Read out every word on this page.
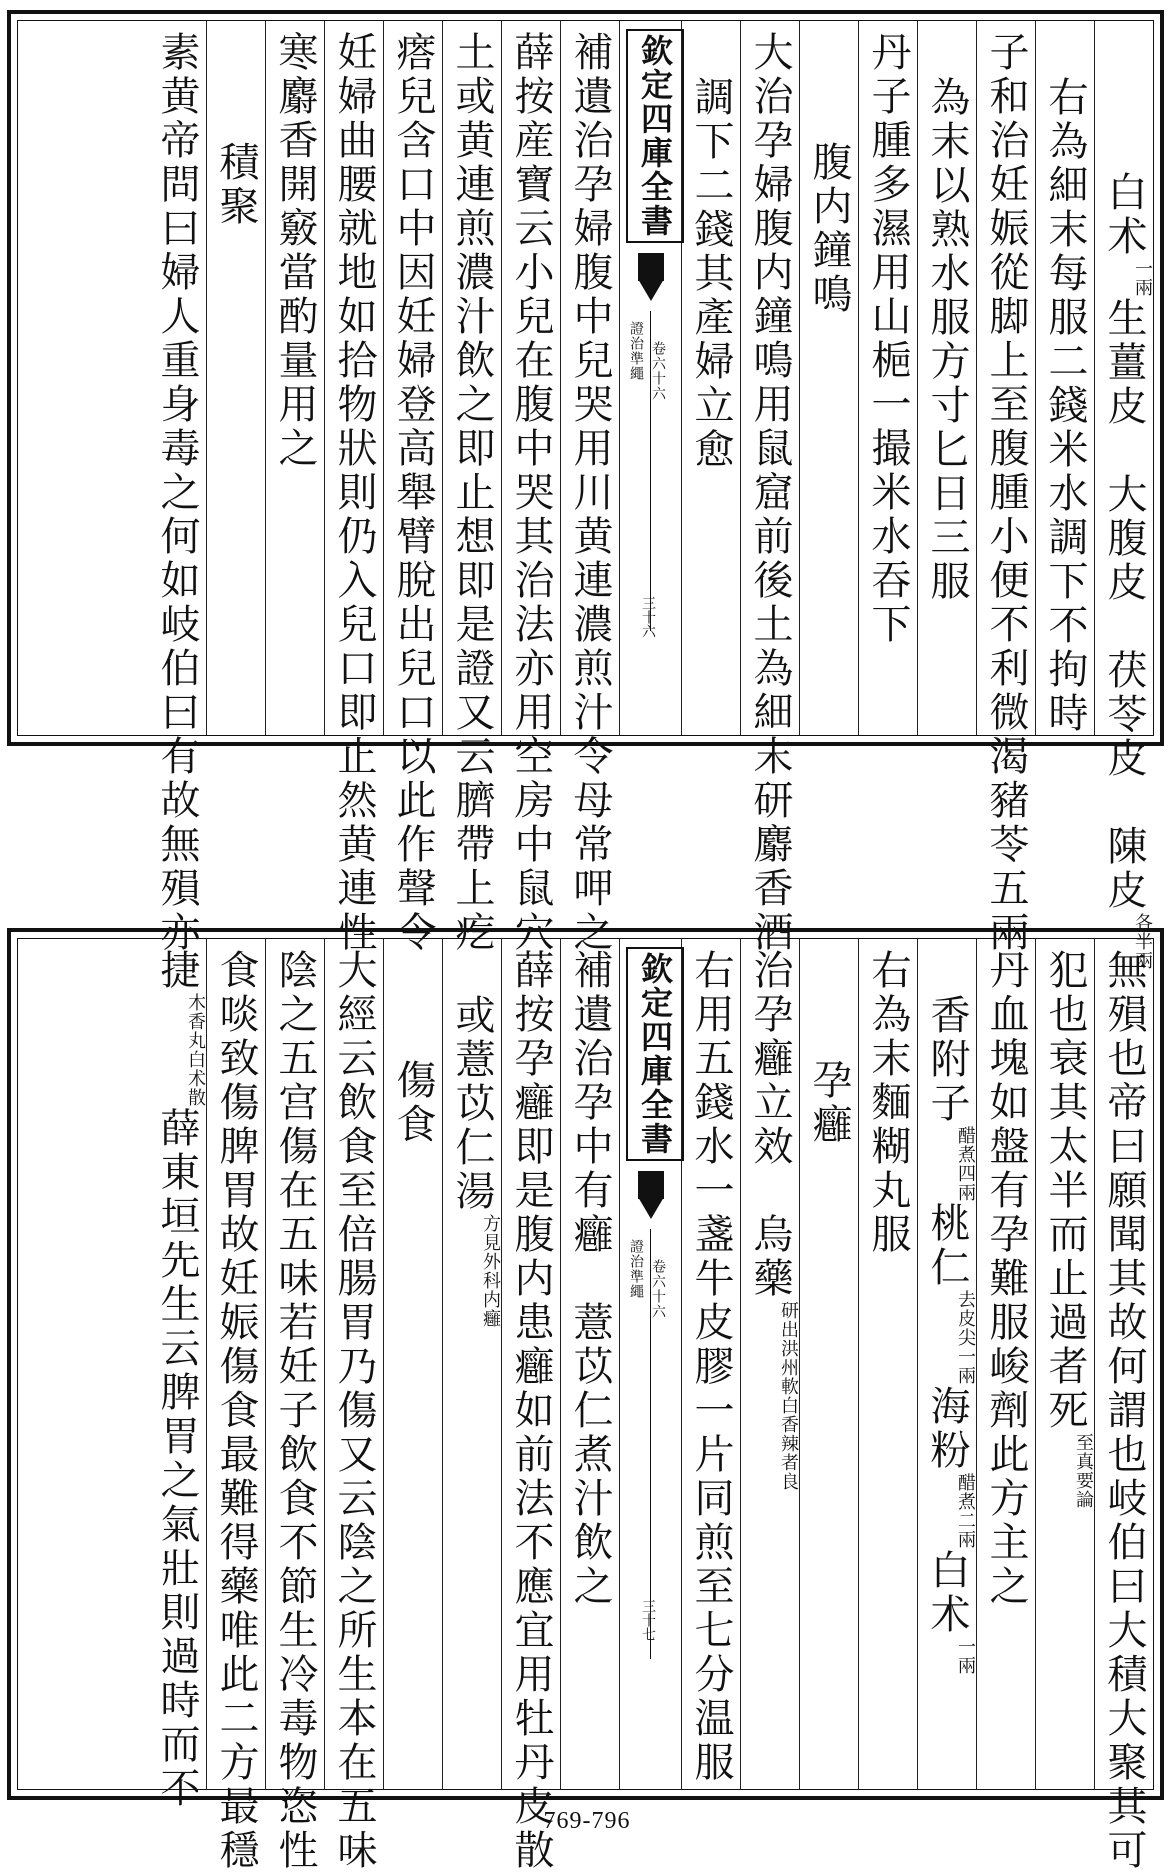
白术一兩生薑皮　大腹皮　茯苓皮　陳皮各半兩
右為細末每服二錢米水調下不拘時
子和治妊娠從脚上至腹腫小便不利微渴豬苓五兩
為末以熟水服方寸匕日三服
丹子腫多濕用山梔一撮米水吞下
腹内鐘鳴
大治孕婦腹内鐘鳴用鼠窟前後土為細末研麝香酒
調下二錢其產婦立愈
欽定四庫全書
證治準繩 卷六十六
三十六
補遺治孕婦腹中兒哭用川黄連濃煎汁令母常呷之
薛按産寶云小兒在腹中哭其治法亦用空房中鼠穴
土或黄連煎濃汁飲之即止想即是證又云臍帶上疙
瘩兒含口中因妊婦登高舉臂脫出兒口以此作聲令
妊婦曲腰就地如拾物狀則仍入兒口即止然黄連性
寒麝香開竅當酌量用之
積聚
素黄帝問曰婦人重身毒之何如岐伯曰有故無殞亦
無殞也帝曰願聞其故何謂也岐伯曰大積大聚其可
犯也衰其太半而止過者死至真要論
丹血塊如盤有孕難服峻劑此方主之
香附子醋煮四兩桃仁去皮尖一兩海粉醋煮二兩白术一兩
右為末麵糊丸服
孕癰
治孕癰立效　烏藥研出洪州軟白香辣者良
右用五錢水一盞牛皮膠一片同煎至七分温服
欽定四庫全書
證治準繩 卷六十六
三十七
補遺治孕中有癰　薏苡仁煮汁飲之
薛按孕癰即是腹内患癰如前法不應宜用牡丹皮散
或薏苡仁湯方見外科内癰
傷食
大經云飲食至倍腸胃乃傷又云陰之所生本在五味
陰之五宫傷在五味若妊子飲食不節生冷毒物恣性
食啖致傷脾胃故妊娠傷食最難得藥唯此二方最穩
捷木香丸白术散薛東垣先生云脾胃之氣壯則過時而不
769-796
